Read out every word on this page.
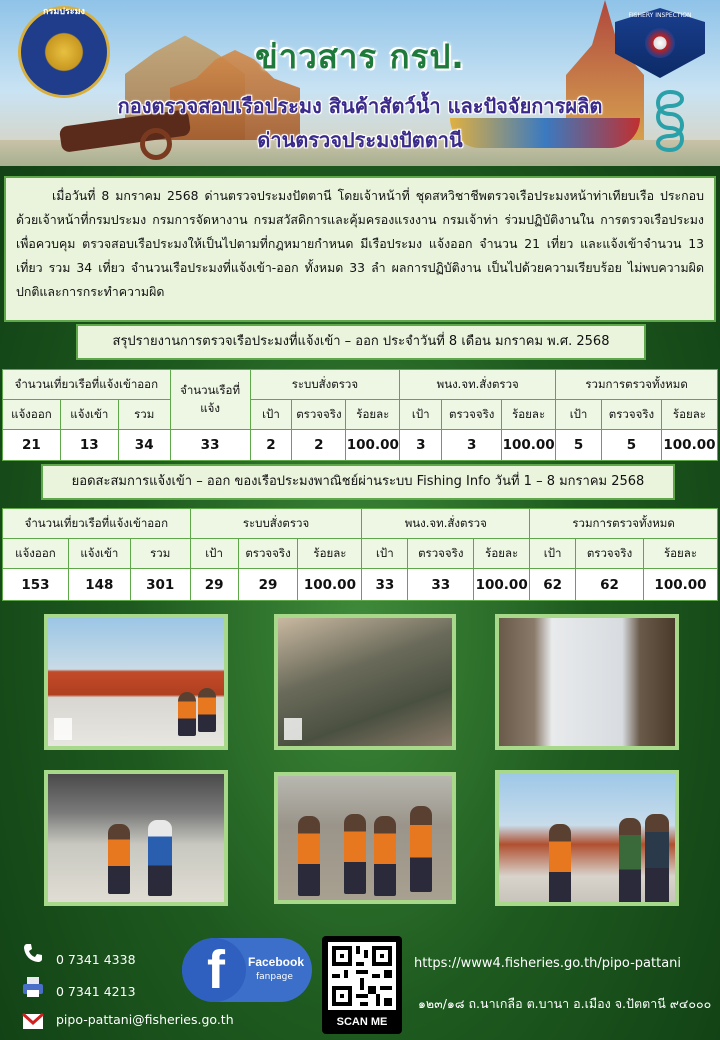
กรมประมง	FISHERY INSPECTION
ข่าวสาร กรป.
กองตรวจสอบเรือประมง สินค้าสัตว์น้ำ และปัจจัยการผลิต
ด่านตรวจประมงปัตตานี
เมื่อวันที่ 8 มกราคม 2568 ด่านตรวจประมงปัตตานี โดยเจ้าหน้าที่ ชุดสหวิชาชีพตรวจเรือประมงหน้าท่าเทียบเรือ ประกอบด้วยเจ้าหน้าที่กรมประมง กรมการจัดหางาน กรมสวัสดิการและคุ้มครองแรงงาน กรมเจ้าท่า ร่วมปฏิบัติงานใน การตรวจเรือประมง เพื่อควบคุม ตรวจสอบเรือประมงให้เป็นไปตามที่กฎหมายกำหนด มีเรือประมง แจ้งออก จำนวน 21 เที่ยว และแจ้งเข้าจำนวน 13 เที่ยว รวม 34 เที่ยว จำนวนเรือประมงที่แจ้งเข้า-ออก ทั้งหมด 33 ลำ ผลการปฏิบัติงาน เป็นไปด้วยความเรียบร้อย ไม่พบความผิดปกติและการกระทำความผิด
สรุปรายงานการตรวจเรือประมงที่แจ้งเข้า – ออก ประจำวันที่ 8 เดือน มกราคม พ.ศ. 2568
จำนวนเที่ยวเรือที่แจ้งเข้าออก			จำนวนเรือที่แจ้ง	ระบบสั่งตรวจ			พนง.จท.สั่งตรวจ			รวมการตรวจทั้งหมด		
แจ้งออก	แจ้งเข้า	รวม		เป้า	ตรวจจริง	ร้อยละ	เป้า	ตรวจจริง	ร้อยละ	เป้า	ตรวจจริง	ร้อยละ
21	13	34	33	2	2	100.00	3	3	100.00	5	5	100.00
ยอดสะสมการแจ้งเข้า – ออก ของเรือประมงพาณิชย์ผ่านระบบ Fishing Info วันที่ 1 – 8 มกราคม 2568
จำนวนเที่ยวเรือที่แจ้งเข้าออก			ระบบสั่งตรวจ			พนง.จท.สั่งตรวจ			รวมการตรวจทั้งหมด		
แจ้งออก	แจ้งเข้า	รวม	เป้า	ตรวจจริง	ร้อยละ	เป้า	ตรวจจริง	ร้อยละ	เป้า	ตรวจจริง	ร้อยละ
153	148	301	29	29	100.00	33	33	100.00	62	62	100.00
0 7341 4338
0 7341 4213
pipo-pattani@fisheries.go.th
f	Facebook
fanpage
SCAN ME
https://www4.fisheries.go.th/pipo-pattani
๑๒๓/๑๘ ถ.นาเกลือ ต.บานา อ.เมือง จ.ปัตตานี ๙๔๐๐๐
